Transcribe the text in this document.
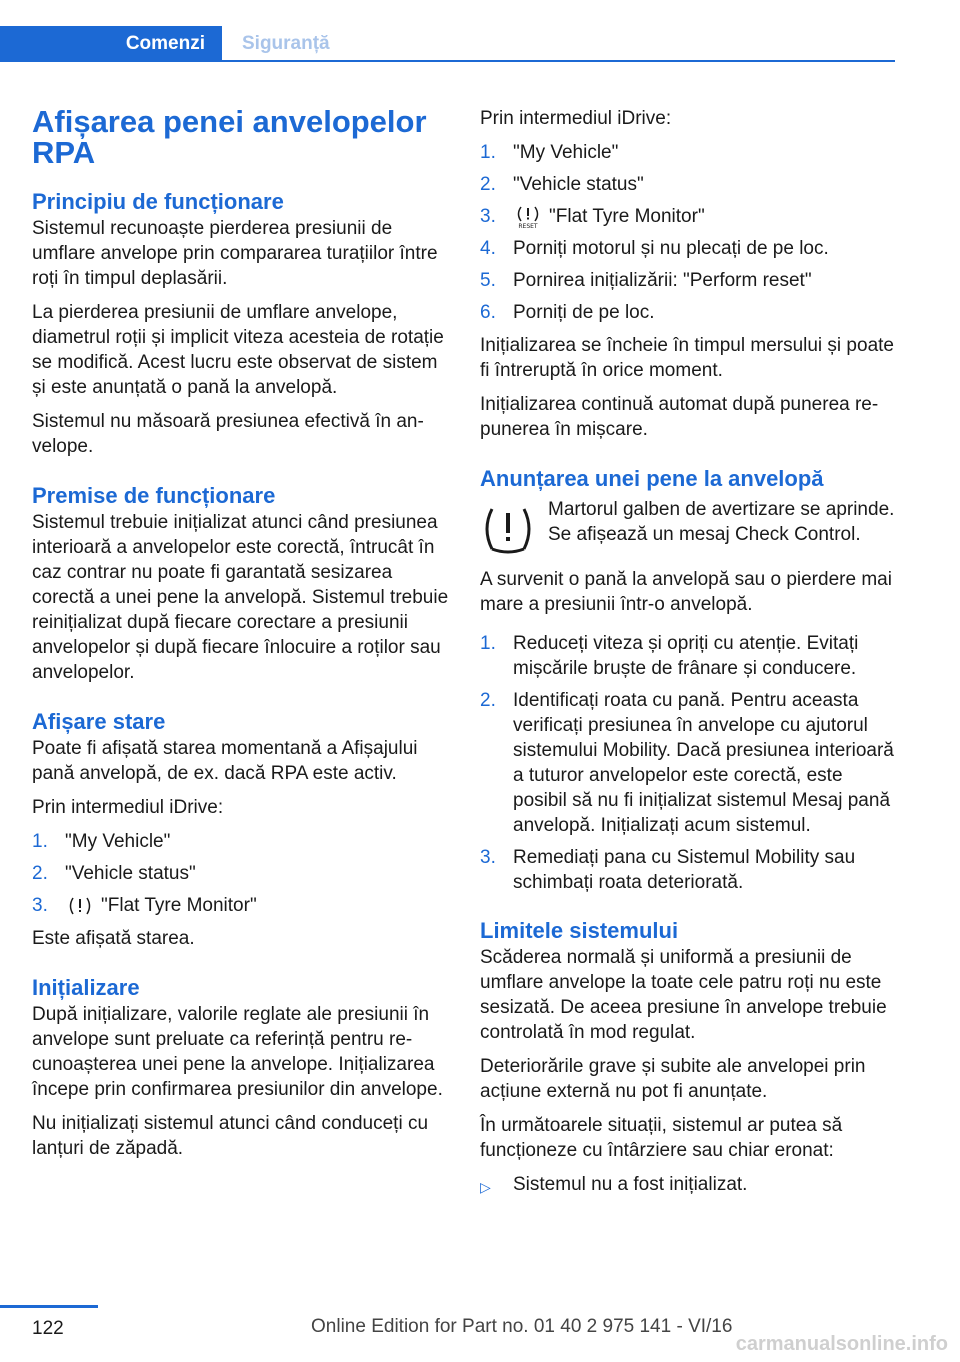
Comenzi Siguranță
Afișarea penei anvelopelor RPA
Principiu de funcționare

Sistemul recunoaște pierderea presiunii de umflare anvelope prin compararea turațiilor între roți în timpul deplasării.

La pierderea presiunii de umflare anvelope, diametrul roții și implicit viteza acesteia de rotație se modifică. Acest lucru este observat de sistem și este anunțată o pană la anvelopă.

Sistemul nu măsoară presiunea efectivă în anvelope.

Premise de funcționare

Sistemul trebuie inițializat atunci când presiunea interioară a anvelopelor este corectă, întrucât în caz contrar nu poate fi garantată sesizarea corectă a unei pene la anvelopă. Sistemul trebuie reinițializat după fiecare corectare a presiunii anvelopelor și după fiecare înlocuire a roților sau anvelopelor.

Afișare stare

Poate fi afișată starea momentană a Afișajului pană anvelopă, de ex. dacă RPA este activ.

Prin intermediul iDrive:

1. "My Vehicle"
2. "Vehicle status"
3.	"Flat Tyre Monitor"

Este afișată starea.

Inițializare

După inițializare, valorile reglate ale presiunii în anvelope sunt preluate ca referință pentru recunoașterea unei pene la anvelope. Inițializarea începe prin confirmarea presiunilor din anvelope.

Nu inițializați sistemul atunci când conduceți cu lanțuri de zăpadă.

Prin intermediul iDrive:

1. "My Vehicle"
2. "Vehicle status"
3.	RESET "Flat Tyre Monitor"
4. Porniți motorul și nu plecați de pe loc.
5. Pornirea inițializării: "Perform reset"
6. Porniți de pe loc.

Inițializarea se încheie în timpul mersului și poate fi întreruptă în orice moment.

Inițializarea continuă automat după punerea repunerea în mișcare.

Anunțarea unei pene la anvelopă
Martorul galben de avertizare se aprinde. Se afișează un mesaj Check Control.

A survenit o pană la anvelopă sau o pierdere mai mare a presiunii într-o anvelopă.

1. Reduceți viteza și opriți cu atenție. Evitați mișcările bruște de frânare și conducere.
2. Identificați roata cu pană. Pentru aceasta verificați presiunea în anvelope cu ajutorul sistemului Mobility. Dacă presiunea interioară a tuturor anvelopelor este corectă, este posibil să nu fi inițializat sistemul Mesaj pană anvelopă. Inițializați acum sistemul.
3. Remediați pana cu Sistemul Mobility sau schimbați roata deteriorată.
Limitele sistemului

Scăderea normală și uniformă a presiunii de umflare anvelope la toate cele patru roți nu este sesizată. De aceea presiune în anvelope trebuie controlată în mod regulat.

Deteriorările grave și subite ale anvelopei prin acțiune externă nu pot fi anunțate.

În următoarele situații, sistemul ar putea să funcționeze cu întârziere sau chiar eronat:

▷	Sistemul nu a fost inițializat.
122	Online Edition for Part no. 01 40 2 975 141 - VI/16
carmanualsonline.info
